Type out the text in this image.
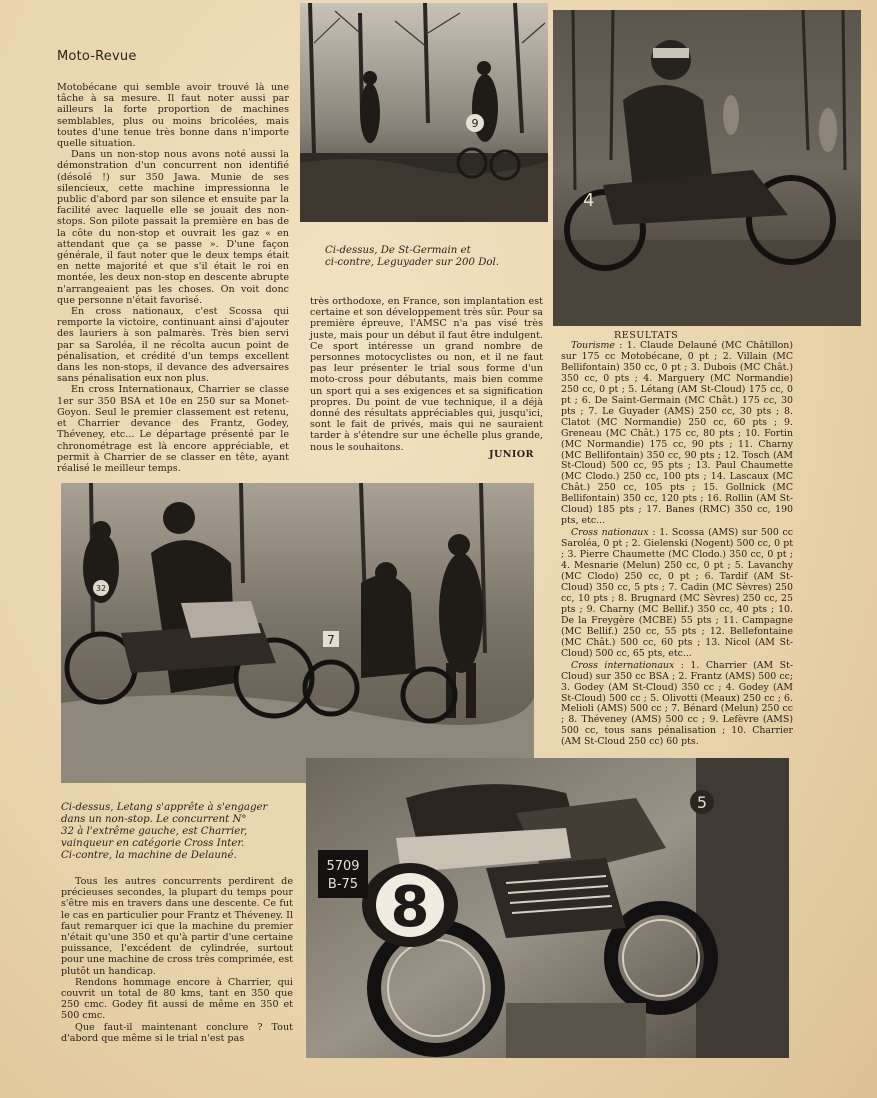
Moto-Revue

Motobécane qui semble avoir trouvé là une tâche à sa mesure. Il faut noter aussi par ailleurs la forte proportion de machines semblables, plus ou moins bricolées, mais toutes d'une tenue très bonne dans n'importe quelle situation.

Dans un non-stop nous avons noté aussi la démonstration d'un concurrent non identifié (désolé !) sur 350 Jawa. Munie de ses silencieux, cette machine impressionna le public d'abord par son silence et ensuite par la facilité avec laquelle elle se jouait des non-stops. Son pilote passait la première en bas de la côte du non-stop et ouvrait les gaz « en attendant que ça se passe ». D'une façon générale, il faut noter que le deux temps était en nette majorité et que s'il était le roi en montée, les deux non-stop en descente abrupte n'arrangeaient pas les choses. On voit donc que personne n'était favorisé.

En cross nationaux, c'est Scossa qui remporte la victoire, continuant ainsi d'ajouter des lauriers à son palmarès. Très bien servi par sa Saroléa, il ne récolta aucun point de pénalisation, et crédité d'un temps excellent dans les non-stops, il devance des adversaires sans pénalisation eux non plus.

En cross Internationaux, Charrier se classe 1er sur 350 BSA et 10e en 250 sur sa Monet-Goyon. Seul le premier classement est retenu, et Charrier devance des Frantz, Godey, Théveney, etc... Le départage présenté par le chronométrage est là encore appréciable, et permit à Charrier de se classer en tête, ayant réalisé le meilleur temps.

9
4
Ci-dessus, De St-Germain et
ci-contre, Leguyader sur 200 Dol.

très orthodoxe, en France, son implantation est certaine et son développement très sûr. Pour sa première épreuve, l'AMSC n'a pas visé très juste, mais pour un début il faut être indulgent. Ce sport intéresse un grand nombre de personnes motocyclistes ou non, et il ne faut pas leur présenter le trial sous forme d'un moto-cross pour débutants, mais bien comme un sport qui a ses exigences et sa signification propres. Du point de vue technique, il a déjà donné des résultats appréciables qui, jusqu'ici, sont le fait de privés, mais qui ne sauraient tarder à s'étendre sur une échelle plus grande, nous le souhaitons.

JUNIOR
RESULTATS

Tourisme : 1. Claude Delauné (MC Châtillon) sur 175 cc Motobécane, 0 pt ; 2. Villain (MC Bellifontain) 350 cc, 0 pt ; 3. Dubois (MC Chât.) 350 cc, 0 pts ; 4. Marguery (MC Normandie) 250 cc, 0 pt ; 5. Létang (AM St-Cloud) 175 cc, 0 pt ; 6. De Saint-Germain (MC Chât.) 175 cc, 30 pts ; 7. Le Guyader (AMS) 250 cc, 30 pts ; 8. Clatot (MC Normandie) 250 cc, 60 pts ; 9. Greneau (MC Chât.) 175 cc, 80 pts ; 10. Fortin (MC Normandie) 175 cc, 90 pts ; 11. Charny (MC Bellifontain) 350 cc, 90 pts ; 12. Tosch (AM St-Cloud) 500 cc, 95 pts ; 13. Paul Chaumette (MC Clodo.) 250 cc, 100 pts ; 14. Lascaux (MC Chât.) 250 cc, 105 pts ; 15. Gollnick (MC Bellifontain) 350 cc, 120 pts ; 16. Rollin (AM St-Cloud) 185 pts ; 17. Banes (RMC) 350 cc, 190 pts, etc...

Cross nationaux : 1. Scossa (AMS) sur 500 cc Saroléa, 0 pt ; 2. Gielenski (Nogent) 500 cc, 0 pt ; 3. Pierre Chaumette (MC Clodo.) 350 cc, 0 pt ; 4. Mesnarie (Melun) 250 cc, 0 pt ; 5. Lavanchy (MC Clodo) 250 cc, 0 pt ; 6. Tardif (AM St-Cloud) 350 cc, 5 pts ; 7. Cadin (MC Sèvres) 250 cc, 10 pts ; 8. Brugnard (MC Sèvres) 250 cc, 25 pts ; 9. Charny (MC Bellif.) 350 cc, 40 pts ; 10. De la Freygère (MCBE) 55 pts ; 11. Campagne (MC Bellif.) 250 cc, 55 pts ; 12. Bellefontaine (MC Chât.) 500 cc, 60 pts ; 13. Nicol (AM St-Cloud) 500 cc, 65 pts, etc...

Cross internationaux : 1. Charrier (AM St-Cloud) sur 350 cc BSA ; 2. Frantz (AMS) 500 cc; 3. Godey (AM St-Cloud) 350 cc ; 4. Godey (AM St-Cloud) 500 cc ; 5. Olivotti (Meaux) 250 cc ; 6. Melioli (AMS) 500 cc ; 7. Bénard (Melun) 250 cc ; 8. Théveney (AMS) 500 cc ; 9. Lefèvre (AMS) 500 cc, tous sans pénalisation ; 10. Charrier (AM St-Cloud 250 cc) 60 pts.

32
7
Ci-dessus, Letang s'apprête à s'engager
dans un non-stop. Le concurrent N°
32 à l'extrême gauche, est Charrier,
vainqueur en catégorie Cross Inter.
Ci-contre, la machine de Delauné.

Tous les autres concurrents perdirent de précieuses secondes, la plupart du temps pour s'être mis en travers dans une descente. Ce fut le cas en particulier pour Frantz et Théveney. Il faut remarquer ici que la machine du premier n'était qu'une 350 et qu'à partir d'une certaine puissance, l'excédent de cylindrée, surtout pour une machine de cross très comprimée, est plutôt un handicap.

Rendons hommage encore à Charrier, qui couvrit un total de 80 kms, tant en 350 que 250 cmc. Godey fit aussi de même en 350 et 500 cmc.

Que faut-il maintenant conclure ? Tout d'abord que même si le trial n'est pas

8
5709
B-75
5
